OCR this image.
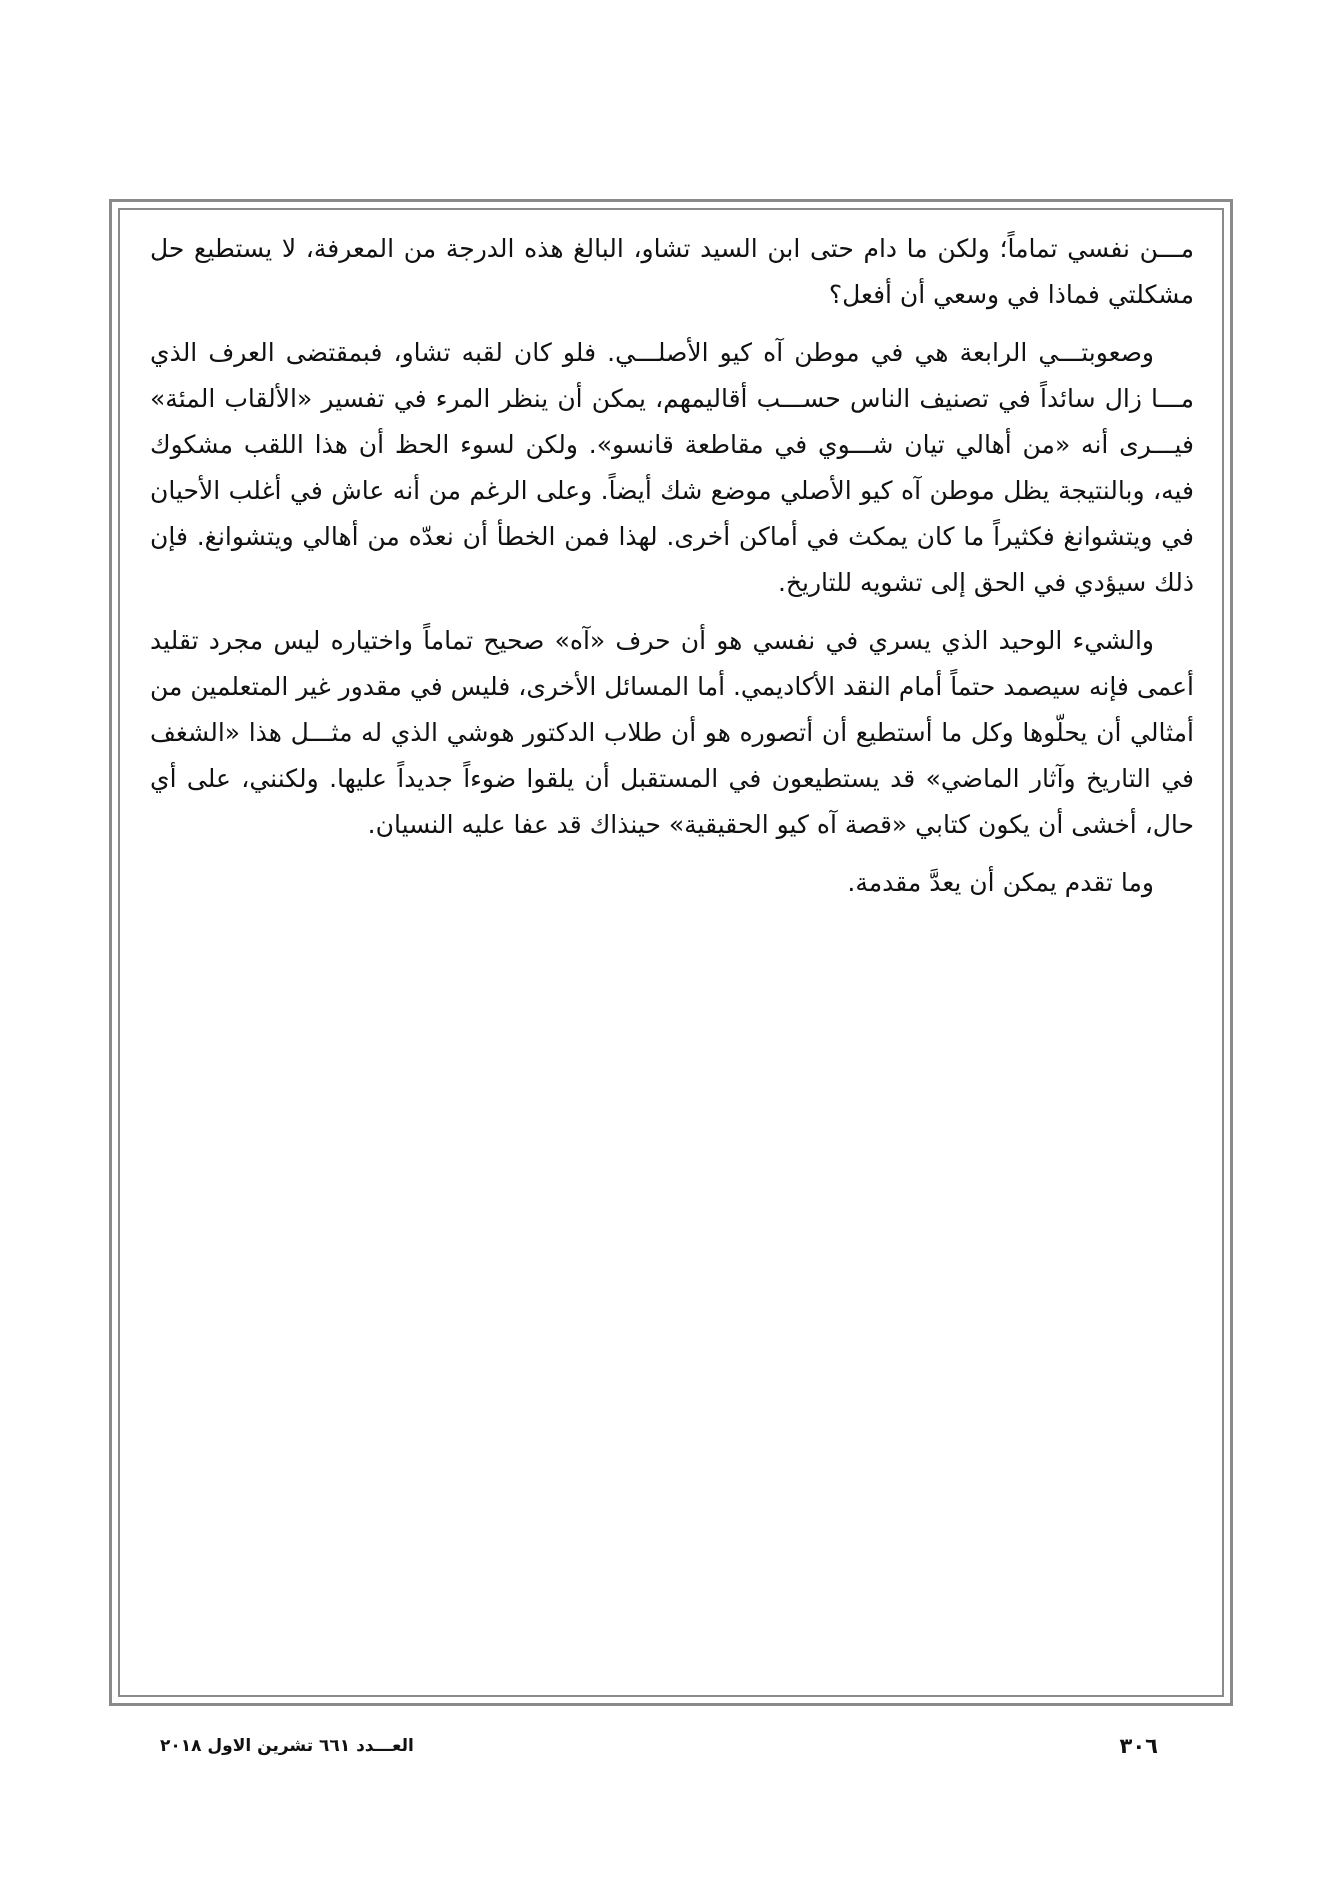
مـــن نفسي تماماً؛ ولكن ما دام حتى ابن السيد تشاو، البالغ هذه الدرجة من المعرفة، لا يستطيع حل مشكلتي فماذا في وسعي أن أفعل؟

وصعوبتـــي الرابعة هي في موطن آه كيو الأصلـــي. فلو كان لقبه تشاو، فبمقتضى العرف الذي مـــا زال سائداً في تصنيف الناس حســـب أقاليمهم، يمكن أن ينظر المرء في تفسير «الألقاب المئة» فيـــرى أنه «من أهالي تيان شـــوي في مقاطعة قانسو». ولكن لسوء الحظ أن هذا اللقب مشكوك فيه، وبالنتيجة يظل موطن آه كيو الأصلي موضع شك أيضاً. وعلى الرغم من أنه عاش في أغلب الأحيان في ويتشوانغ فكثيراً ما كان يمكث في أماكن أخرى. لهذا فمن الخطأ أن نعدّه من أهالي ويتشوانغ. فإن ذلك سيؤدي في الحق إلى تشويه للتاريخ.

والشيء الوحيد الذي يسري في نفسي هو أن حرف «آه» صحيح تماماً واختياره ليس مجرد تقليد أعمى فإنه سيصمد حتماً أمام النقد الأكاديمي. أما المسائل الأخرى، فليس في مقدور غير المتعلمين من أمثالي أن يحلّوها وكل ما أستطيع أن أتصوره هو أن طلاب الدكتور هوشي الذي له مثـــل هذا «الشغف في التاريخ وآثار الماضي» قد يستطيعون في المستقبل أن يلقوا ضوءاً جديداً عليها. ولكنني، على أي حال، أخشى أن يكون كتابي «قصة آه كيو الحقيقية» حينذاك قد عفا عليه النسيان.

وما تقدم يمكن أن يعدَّ مقدمة.

العـــدد ٦٦١ تشرين الاول ٢٠١٨	٣٠٦
